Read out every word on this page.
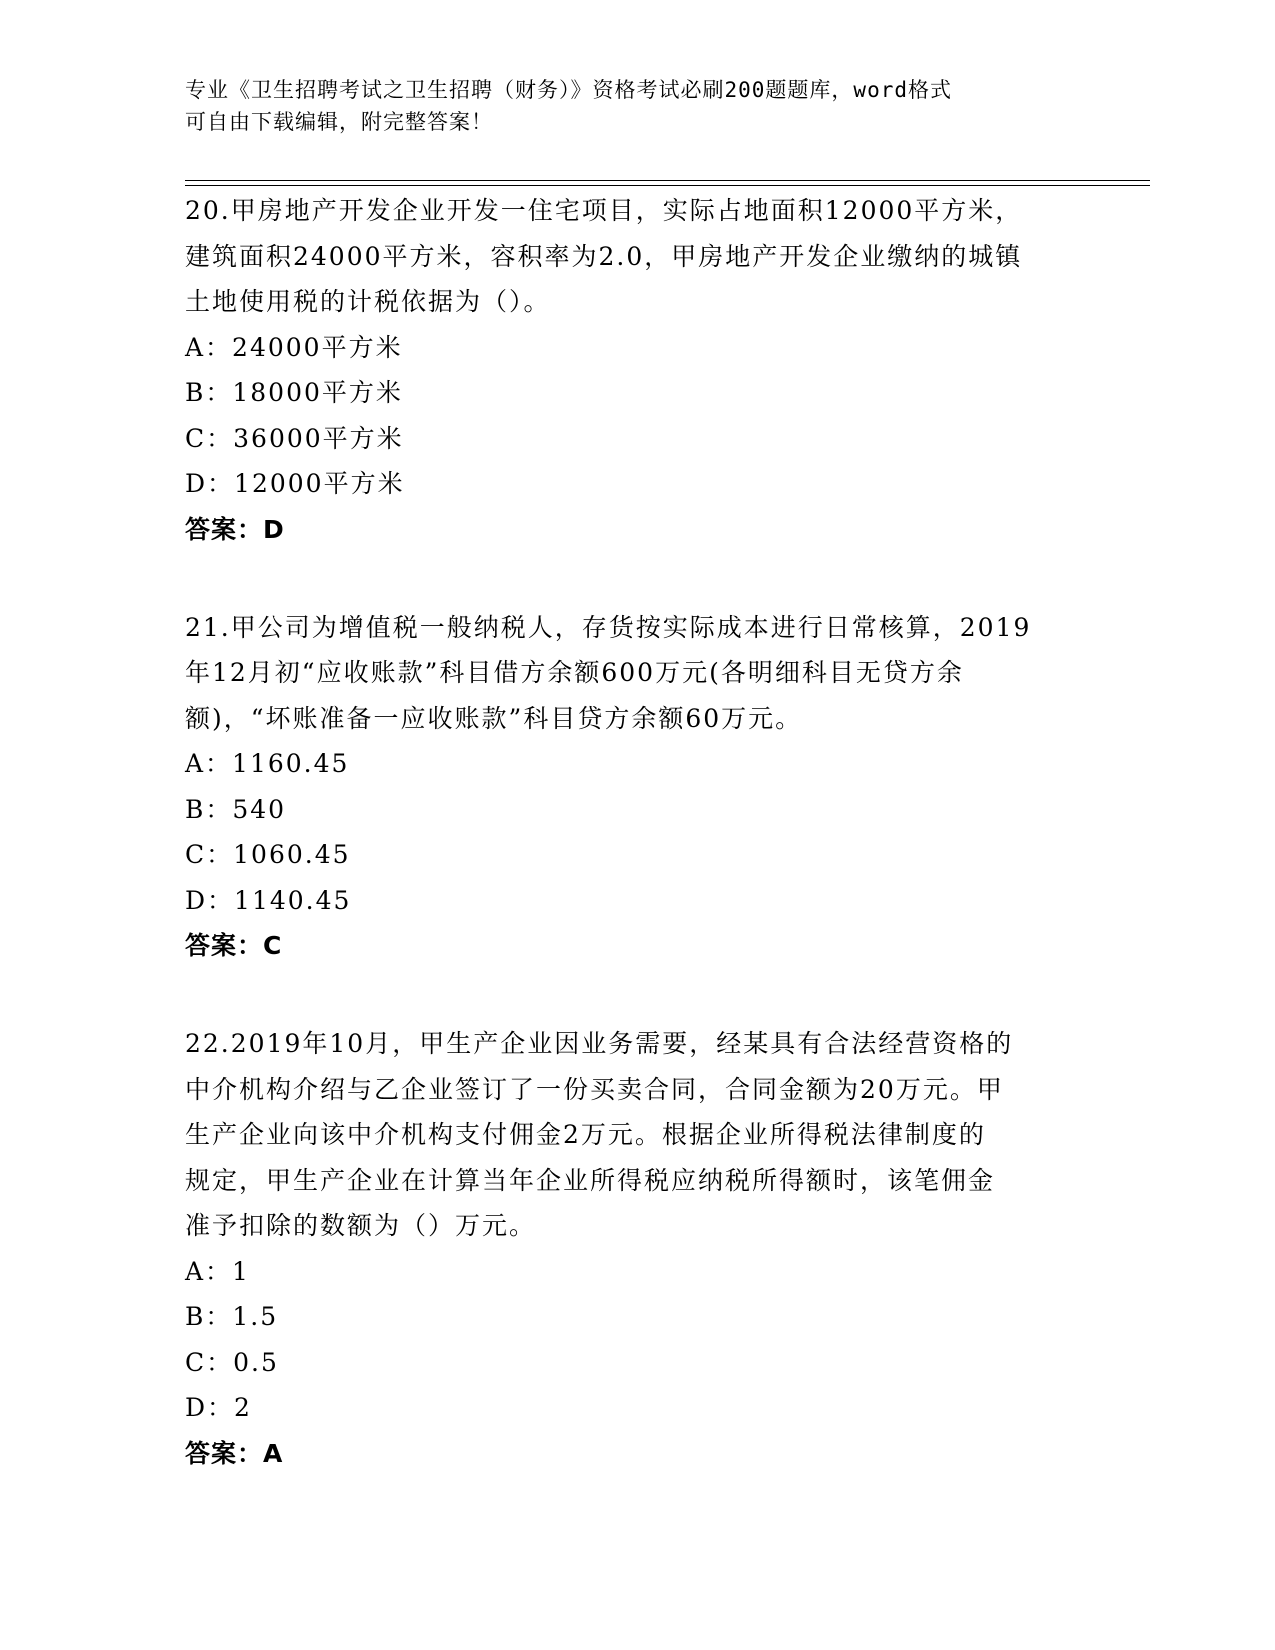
专业《卫生招聘考试之卫生招聘（财务）》资格考试必刷200题题库，word格式
可自由下载编辑，附完整答案！
20.甲房地产开发企业开发一住宅项目，实际占地面积12000平方米，
建筑面积24000平方米，容积率为2.0，甲房地产开发企业缴纳的城镇
土地使用税的计税依据为（）。
A：24000平方米
B：18000平方米
C：36000平方米
D：12000平方米
答案：D
21.甲公司为增值税一般纳税人，存货按实际成本进行日常核算，2019
年12月初“应收账款”科目借方余额600万元(各明细科目无贷方余
额)，“坏账准备一应收账款”科目贷方余额60万元。
A：1160.45
B：540
C：1060.45
D：1140.45
答案：C
22.2019年10月，甲生产企业因业务需要，经某具有合法经营资格的
中介机构介绍与乙企业签订了一份买卖合同，合同金额为20万元。甲
生产企业向该中介机构支付佣金2万元。根据企业所得税法律制度的
规定，甲生产企业在计算当年企业所得税应纳税所得额时，该笔佣金
准予扣除的数额为（）万元。
A：1
B：1.5
C：0.5
D：2
答案：A
